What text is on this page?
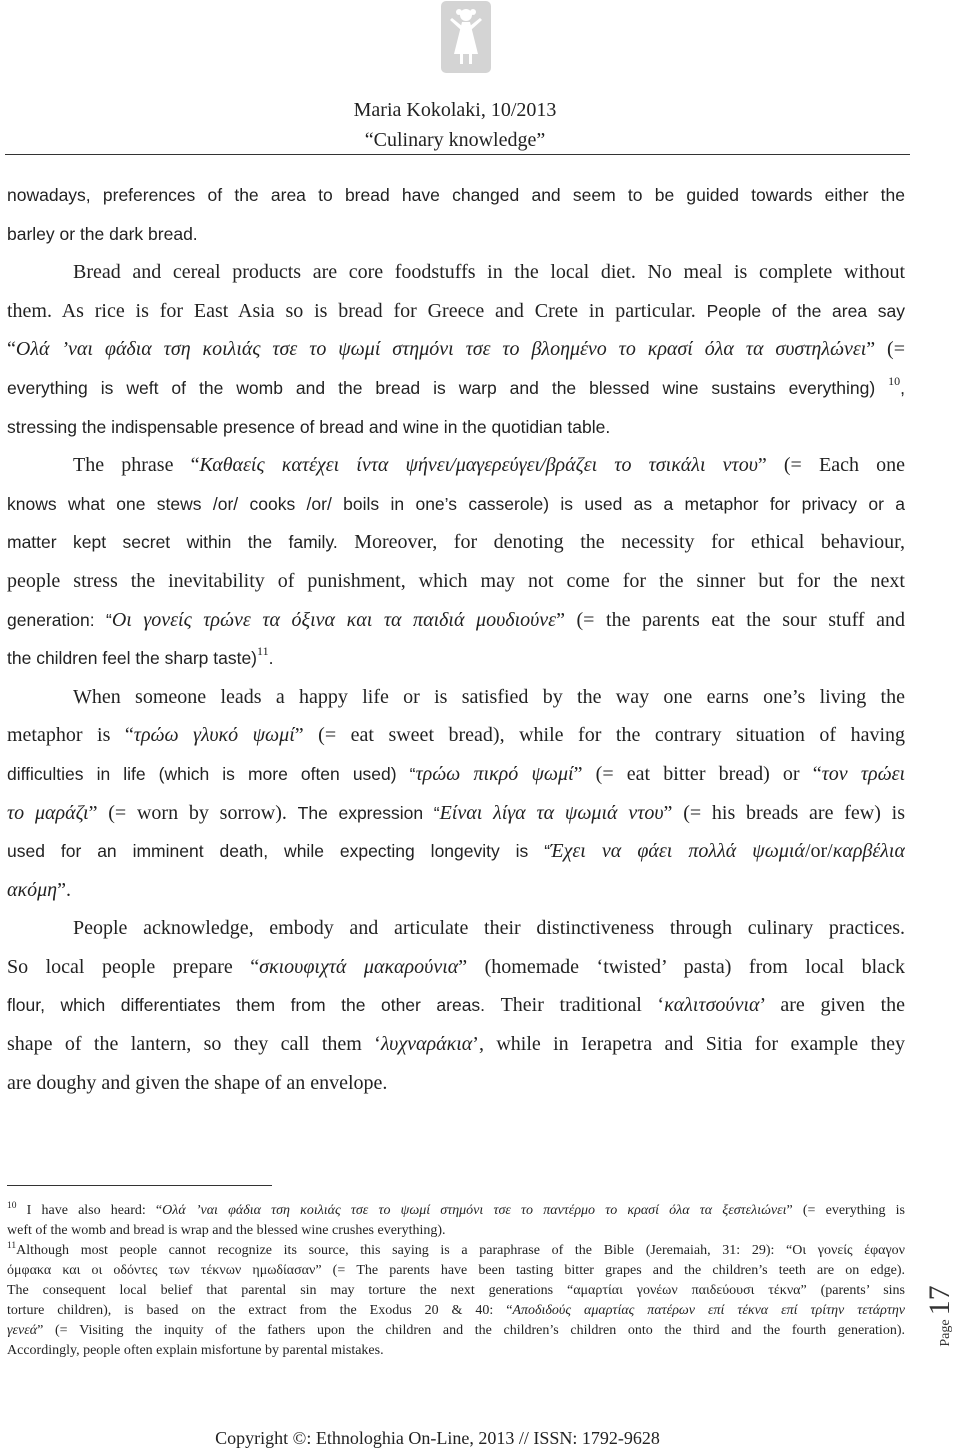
Maria Kokolaki, 10/2013
“Culinary knowledge”
nowadays, preferences of the area to bread have changed and seem to be guided towards either the
barley or the dark bread.
Bread and cereal products are core foodstuffs in the local diet. No meal is complete without
them. As rice is for East Asia so is bread for Greece and Crete in particular. People of the area say
“Ολά ’ναι φάδια τση κοιλιάς τσε το ψωμί στημόνι τσε το βλοημένο το κρασί όλα τα συστηλώνει” (=
everything is weft of the womb and the bread is warp and the blessed wine sustains everything) $^{10}$,
stressing the indispensable presence of bread and wine in the quotidian table.
The phrase “Καθαείς κατέχει ίντα ψήνει/μαγερεύγει/βράζει το τσικάλι ντου” (= Each one
knows what one stews /or/ cooks /or/ boils in one’s casserole) is used as a metaphor for privacy or a
matter kept secret within the family. Moreover, for denoting the necessity for ethical behaviour,
people stress the inevitability of punishment, which may not come for the sinner but for the next
generation: “Οι γονείς τρώνε τα όξινα και τα παιδιά μουδιούνε” (= the parents eat the sour stuff and
the children feel the sharp taste)$^{11}$.
When someone leads a happy life or is satisfied by the way one earns one’s living the
metaphor is “τρώω γλυκό ψωμί” (= eat sweet bread), while for the contrary situation of having
difficulties in life (which is more often used) “τρώω πικρό ψωμί” (= eat bitter bread) or “τον τρώει
το μαράζι” (= worn by sorrow). The expression “Είναι λίγα τα ψωμιά ντου” (= his breads are few) is
used for an imminent death, while expecting longevity is “Έχει να φάει πολλά ψωμιά/or/καρβέλια
ακόμη”.
People acknowledge, embody and articulate their distinctiveness through culinary practices.
So local people prepare “σκιουφιχτά μακαρούνια” (homemade ‘twisted’ pasta) from local black
flour, which differentiates them from the other areas. Their traditional ‘καλιτσούνια’ are given the
shape of the lantern, so they call them ‘λυχναράκια’, while in Ierapetra and Sitia for example they
are doughy and given the shape of an envelope.
$^{10}$ I have also heard: “Ολά ’ναι φάδια τση κοιλιάς τσε το ψωμί στημόνι τσε το παντέρμο το κρασί όλα τα ξεστελιώνει” (= everything is
weft of the womb and bread is wrap and the blessed wine crushes everything).
$^{11}$Although most people cannot recognize its source, this saying is a paraphrase of the Bible (Jeremaiah, 31: 29): “Οι γονείς έφαγον
όμφακα και οι οδόντες των τέκνων ημωδίασαν” (= The parents have been tasting bitter grapes and the children’s teeth are on edge).
The consequent local belief that parental sin may torture the next generations “αμαρτίαι γονέων παιδεύουσι τέκνα” (parents’ sins
torture children), is based on the extract from the Exodus 20 & 40: “Αποδιδούς αμαρτίας πατέρων επί τέκνα επί τρίτην τετάρτην
γενεά” (= Visiting the inquity of the fathers upon the children and the children’s children onto the third and the fourth generation).
Accordingly, people often explain misfortune by parental mistakes.
Page 17
Copyright ©: Ethnologhia On-Line, 2013 // ISSN: 1792-9628
